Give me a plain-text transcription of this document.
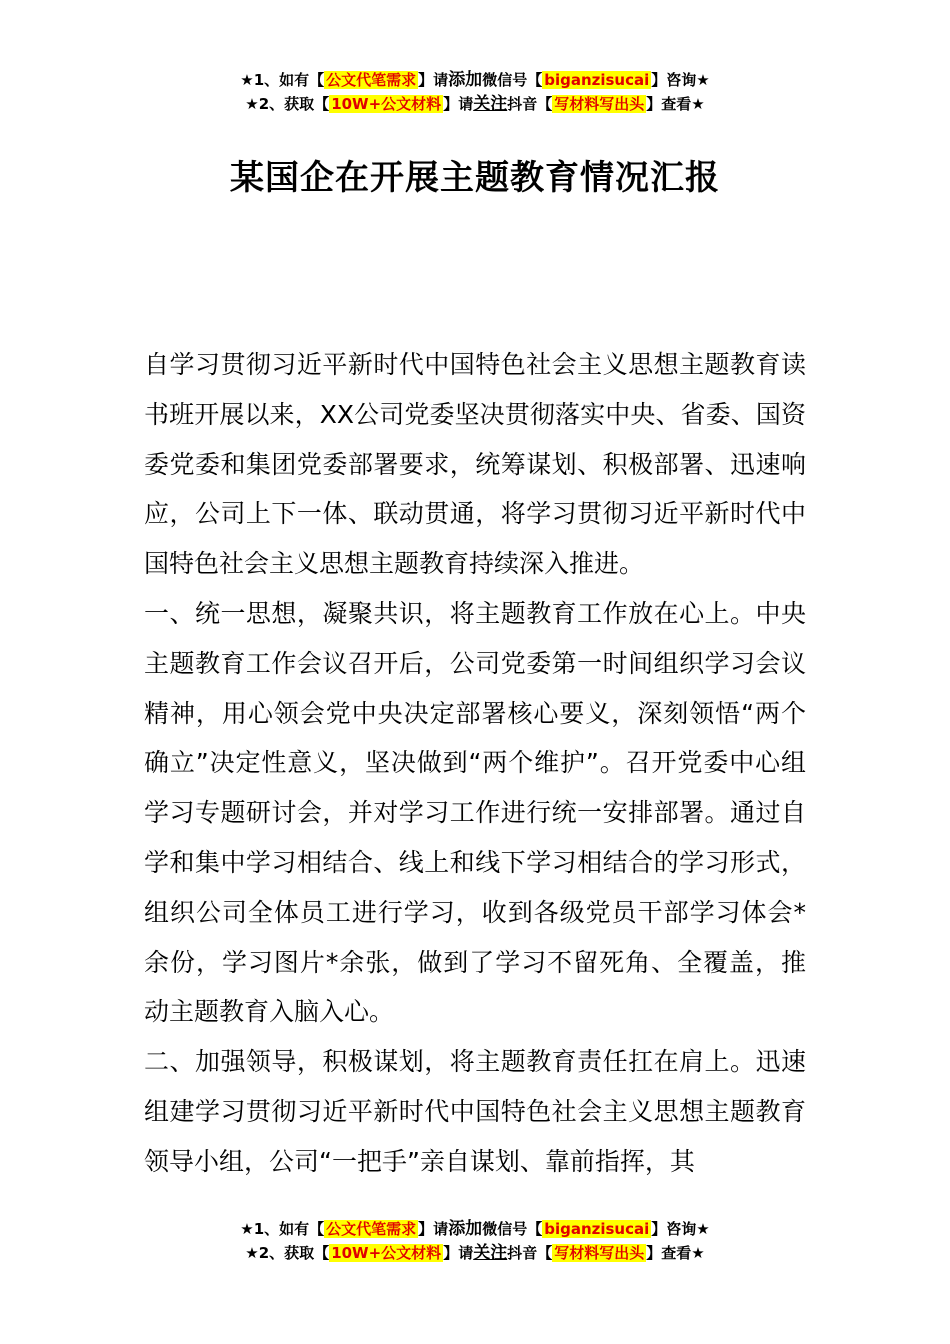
★1、如有【 公文代笔需求 】请添加微信号【 biganzisucai 】咨询★
★2、获取【 10W+公文材料 】请关注抖音【 写材料写出头 】查看★
某国企在开展主题教育情况汇报

自学习贯彻习近平新时代中国特色社会主义思想主题教育读书班开展以来，XX公司党委坚决贯彻落实中央、省委、国资委党委和集团党委部署要求，统筹谋划、积极部署、迅速响应，公司上下一体、联动贯通，将学习贯彻习近平新时代中国特色社会主义思想主题教育持续深入推进。

一、统一思想，凝聚共识，将主题教育工作放在心上。中央主题教育工作会议召开后，公司党委第一时间组织学习会议精神，用心领会党中央决定部署核心要义，深刻领悟“两个确立”决定性意义，坚决做到“两个维护”。召开党委中心组学习专题研讨会，并对学习工作进行统一安排部署。通过自学和集中学习相结合、线上和线下学习相结合的学习形式，组织公司全体员工进行学习，收到各级党员干部学习体会*余份，学习图片*余张，做到了学习不留死角、全覆盖，推动主题教育入脑入心。

二、加强领导，积极谋划，将主题教育责任扛在肩上。迅速组建学习贯彻习近平新时代中国特色社会主义思想主题教育领导小组，公司“一把手”亲自谋划、靠前指挥，其

★1、如有【 公文代笔需求 】请添加微信号【 biganzisucai 】咨询★
★2、获取【 10W+公文材料 】请关注抖音【 写材料写出头 】查看★
